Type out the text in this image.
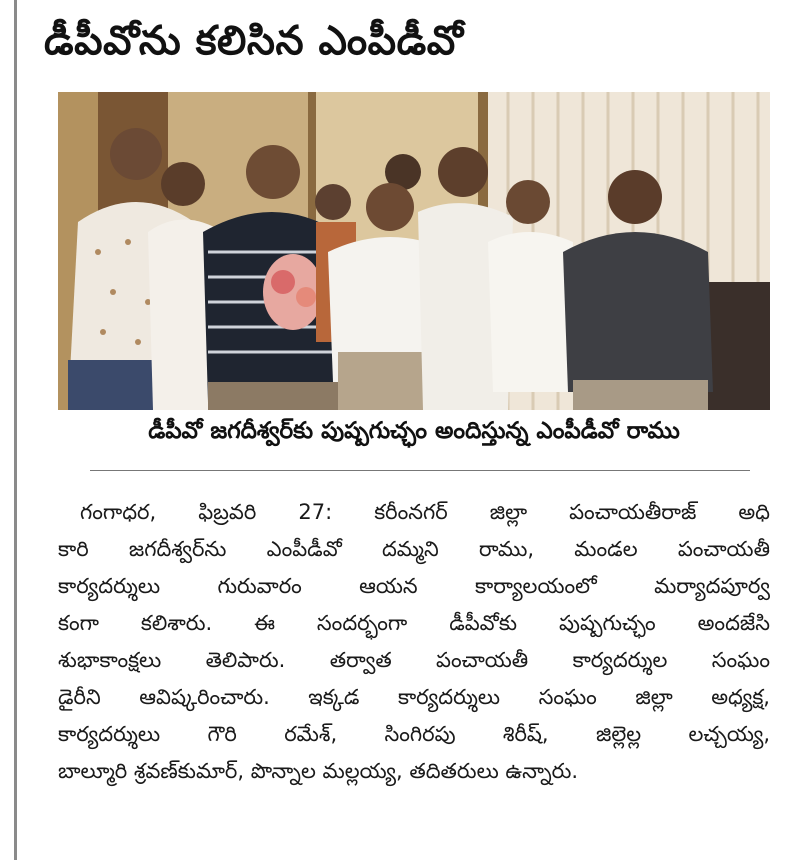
డీపీవోను కలిసిన ఎంపీడీవో
డీపీవో జగదీశ్వర్‌కు పుష్పగుచ్ఛం అందిస్తున్న ఎంపీడీవో రాము
గంగాధర, ఫిబ్రవరి 27: కరీంనగర్ జిల్లా పంచాయతీరాజ్ అధి
కారి జగదీశ్వర్‌ను ఎంపీడీవో దమ్మని రాము, మండల పంచాయతీ
కార్యదర్శులు గురువారం ఆయన కార్యాలయంలో మర్యాదపూర్వ
కంగా కలిశారు. ఈ సందర్భంగా డీపీవోకు పుష్పగుచ్ఛం అందజేసి
శుభాకాంక్షలు తెలిపారు. తర్వాత పంచాయతీ కార్యదర్శుల సంఘం
డైరీని ఆవిష్కరించారు. ఇక్కడ కార్యదర్శులు సంఘం జిల్లా అధ్యక్ష,
కార్యదర్శులు గౌరి రమేశ్, సింగిరపు శిరీష్, జిల్లెల్ల లచ్చయ్య,
బాల్మూరి శ్రవణ్‌కుమార్, పొన్నాల మల్లయ్య, తదితరులు ఉన్నారు.
